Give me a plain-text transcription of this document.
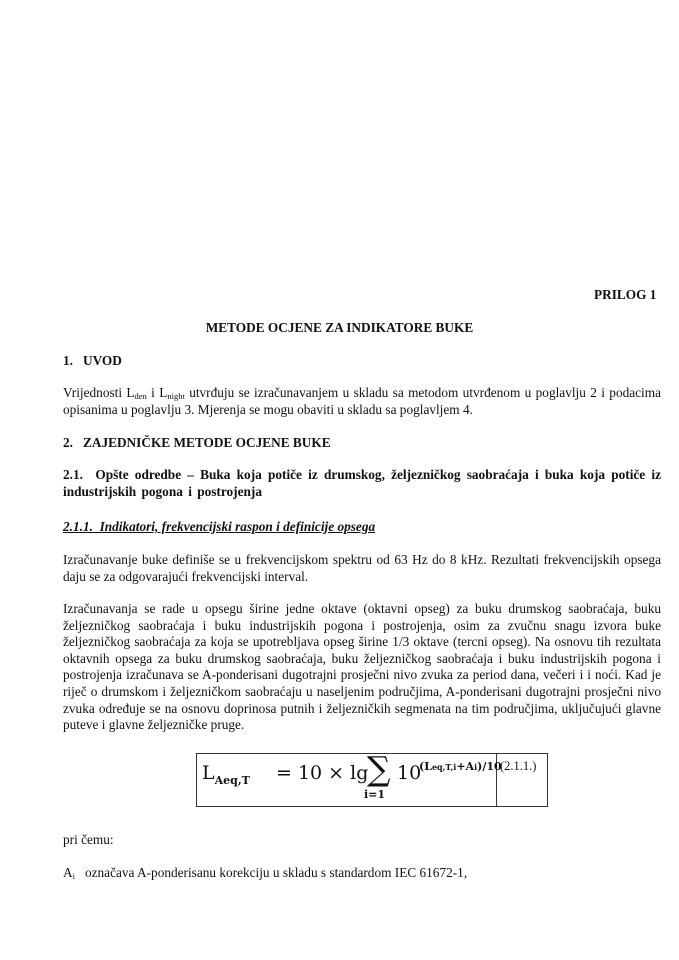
PRILOG 1

METODE OCJENE ZA INDIKATORE BUKE

1. UVOD

Vrijednosti $L_{den}$ i $L_{night}$ utvrđuju se izračunavanjem u skladu sa metodom utvrđenom u poglavlju 2 i podacima opisanima u poglavlju 3. Mjerenja se mogu obaviti u skladu sa poglavljem 4.

2. ZAJEDNIČKE METODE OCJENE BUKE

2.1. Opšte odredbe – Buka koja potiče iz drumskog, željezničkog saobraćaja i buka koja potiče iz industrijskih pogona i postrojenja

2.1.1. Indikatori, frekvencijski raspon i definicije opsega

Izračunavanje buke definiše se u frekvencijskom spektru od 63 Hz do 8 kHz. Rezultati frekvencijskih opsega daju se za odgovarajući frekvencijski interval.

Izračunavanja se rade u opsegu širine jedne oktave (oktavni opseg) za buku drumskog saobraćaja, buku željezničkog saobraćaja i buku industrijskih pogona i postrojenja, osim za zvučnu snagu izvora buke željezničkog saobraćaja za koja se upotrebljava opseg širine 1/3 oktave (tercni opseg). Na osnovu tih rezultata oktavnih opsega za buku drumskog saobraćaja, buku željezničkog saobraćaja i buku industrijskih pogona i postrojenja izračunava se A-ponderisani dugotrajni prosječni nivo zvuka za period dana, večeri i i noći. Kad je riječ o drumskom i željezničkom saobraćaju u naseljenim područjima, A-ponderisani dugotrajni prosječni nivo zvuka određuje se na osnovu doprinosa putnih i željezničkih segmenata na tim područjima, uključujući glavne puteve i glavne željezničke pruge.

$L_{Aeq,T} = 10 \times \lg$
∑
i=1
10
(Leq,T,i+Ai)/10
(2.1.1.)

pri čemu:

$A_i$ označava A-ponderisanu korekciju u skladu s standardom IEC 61672-1,
